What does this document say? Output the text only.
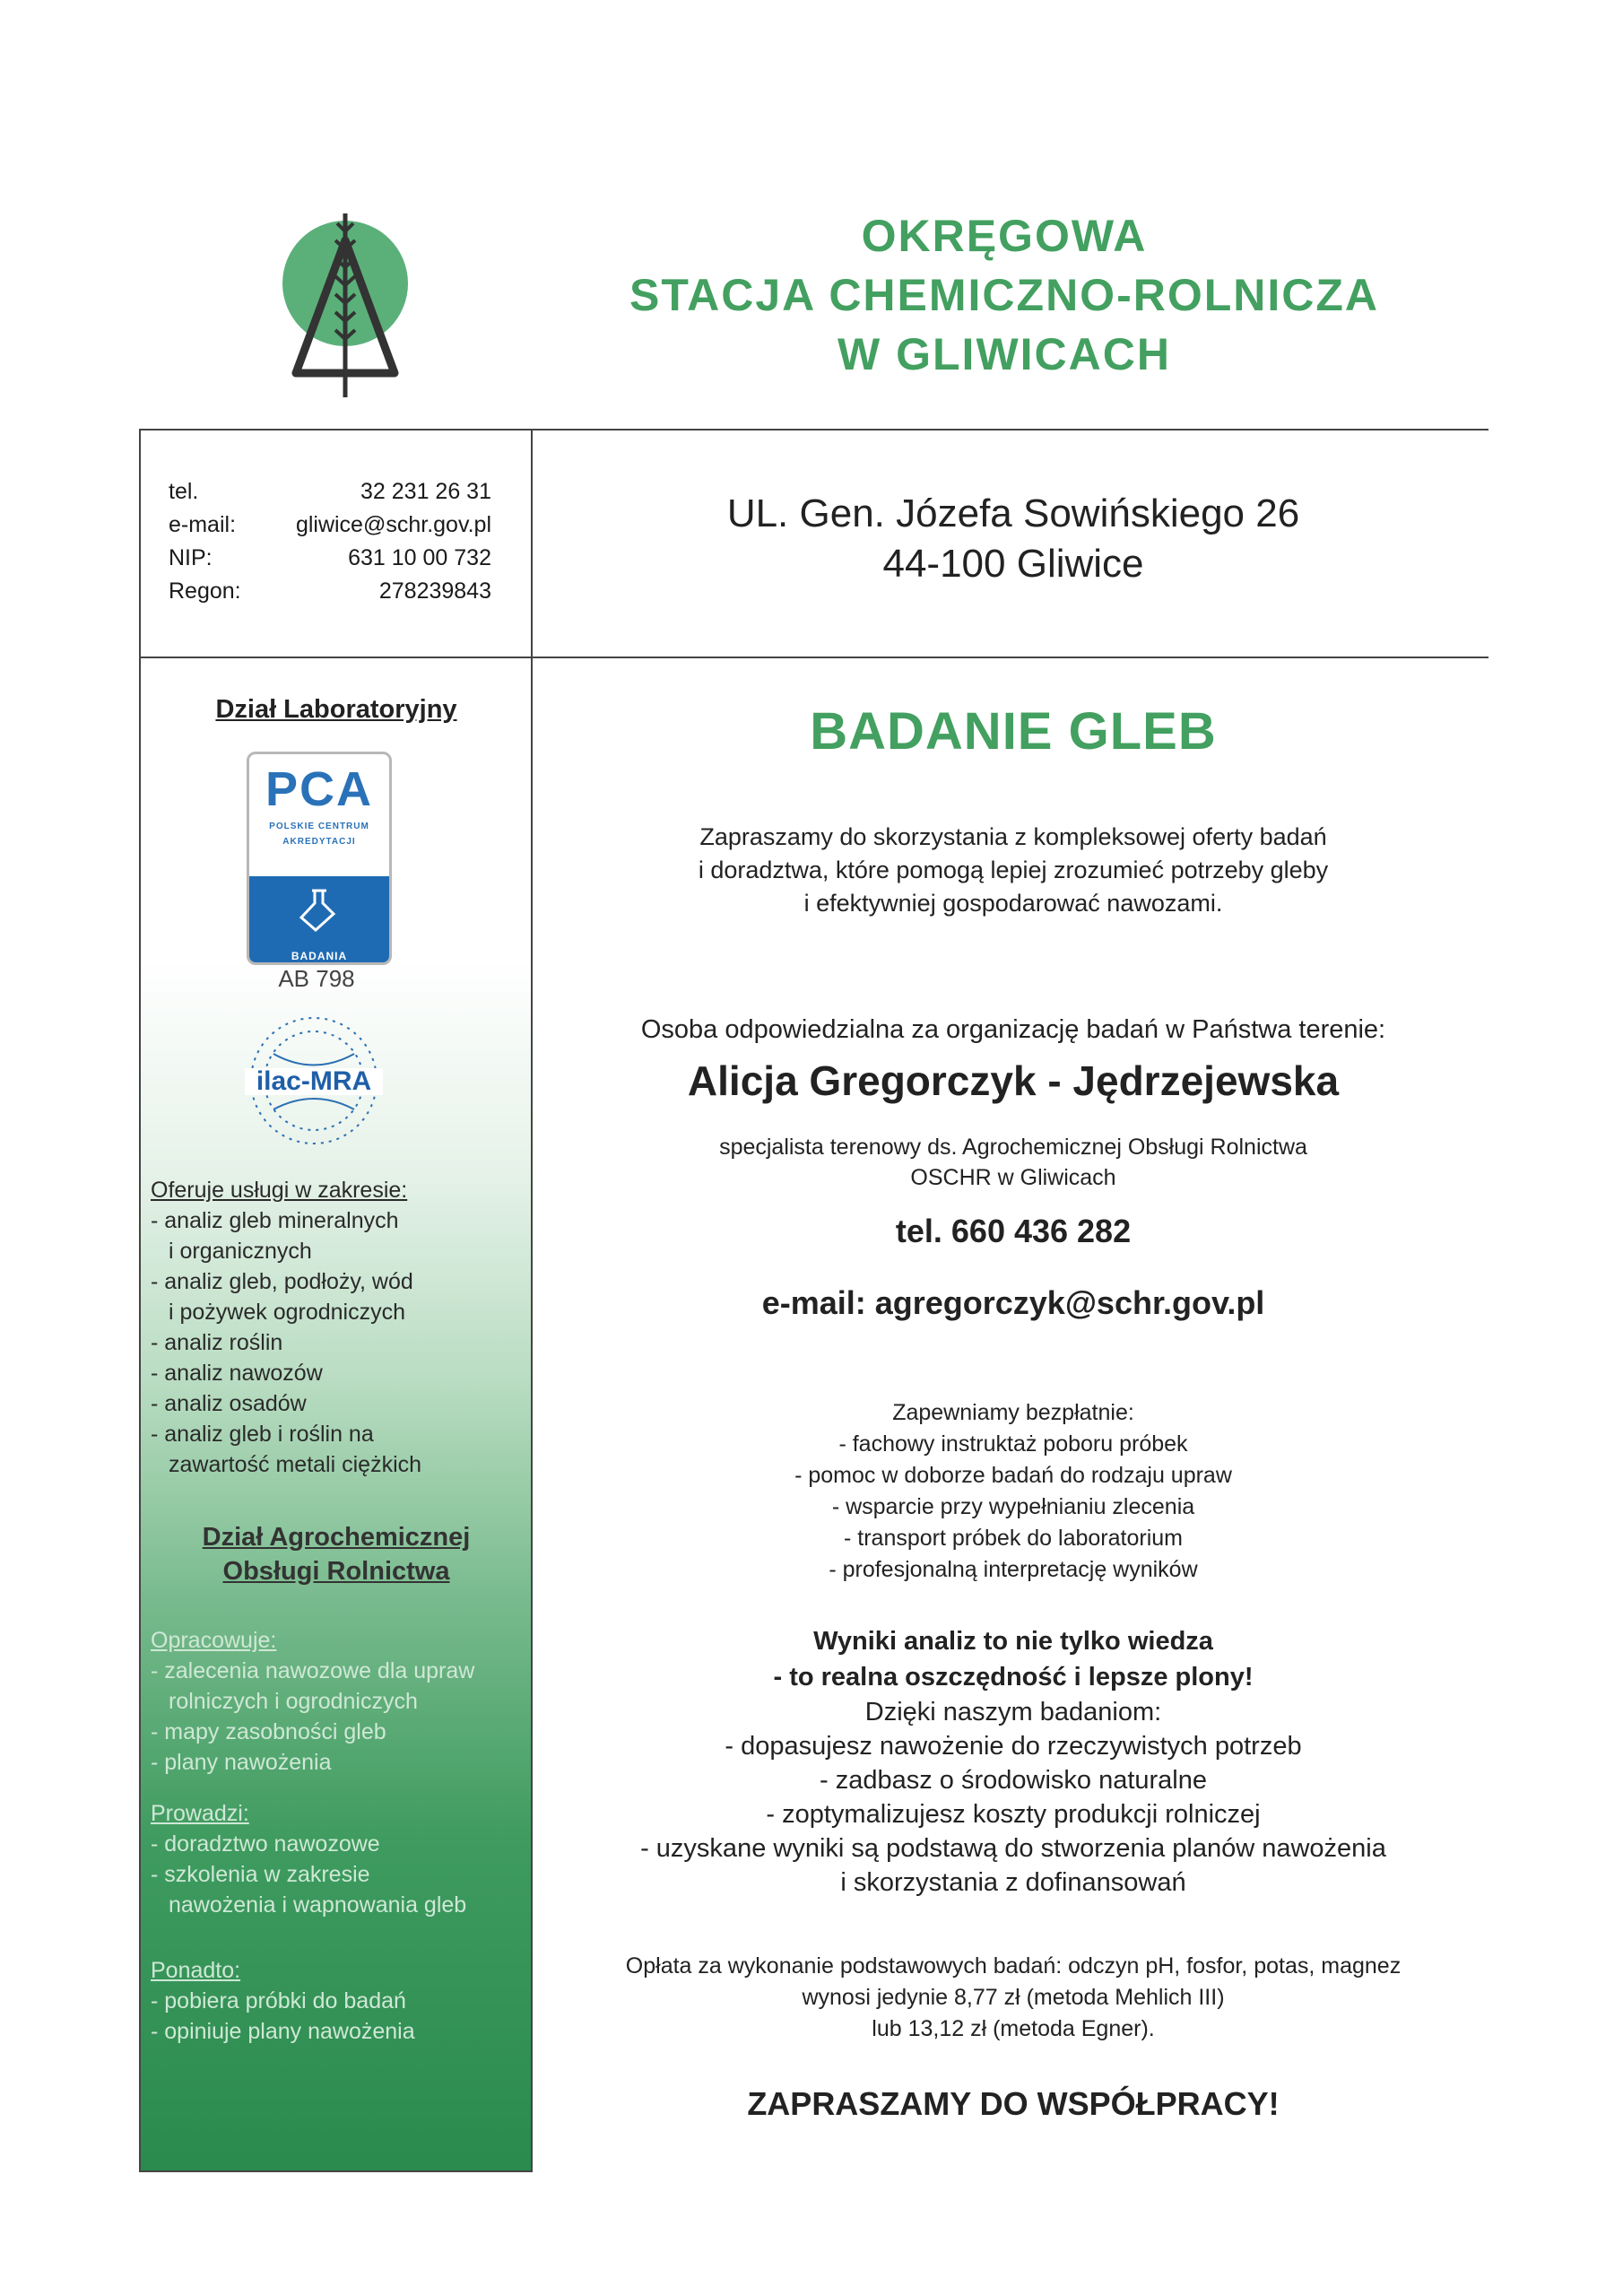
OKRĘGOWA
STACJA CHEMICZNO-ROLNICZA
W GLIWICACH
tel.	32 231 26 31
e-mail:	gliwice@schr.gov.pl
NIP:	631 10 00 732
Regon:	278239843
UL. Gen. Józefa Sowińskiego 26
44-100 Gliwice
Dział Laboratoryjny
PCA
POLSKIE CENTRUM
AKREDYTACJI
BADANIA
AB 798
ilac-MRA
Oferuje usługi w zakresie:
- analiz gleb mineralnych
i organicznych
- analiz gleb, podłoży, wód
i pożywek ogrodniczych
- analiz roślin
- analiz nawozów
- analiz osadów
- analiz gleb i roślin na
zawartość metali ciężkich
Dział Agrochemicznej
Obsługi Rolnictwa
Opracowuje:
- zalecenia nawozowe dla upraw
rolniczych i ogrodniczych
- mapy zasobności gleb
- plany nawożenia
Prowadzi:
- doradztwo nawozowe
- szkolenia w zakresie
nawożenia i wapnowania gleb
Ponadto:
- pobiera próbki do badań
- opiniuje plany nawożenia
BADANIE GLEB
Zapraszamy do skorzystania z kompleksowej oferty badań
i doradztwa, które pomogą lepiej zrozumieć potrzeby gleby
i efektywniej gospodarować nawozami.
Osoba odpowiedzialna za organizację badań w Państwa terenie:
Alicja Gregorczyk - Jędrzejewska
specjalista terenowy ds. Agrochemicznej Obsługi Rolnictwa
OSCHR w Gliwicach
tel. 660 436 282
e-mail: agregorczyk@schr.gov.pl
Zapewniamy bezpłatnie:
- fachowy instruktaż poboru próbek
- pomoc w doborze badań do rodzaju upraw
- wsparcie przy wypełnianiu zlecenia
- transport próbek do laboratorium
- profesjonalną interpretację wyników
Wyniki analiz to nie tylko wiedza
- to realna oszczędność i lepsze plony!
Dzięki naszym badaniom:
- dopasujesz nawożenie do rzeczywistych potrzeb
- zadbasz o środowisko naturalne
- zoptymalizujesz koszty produkcji rolniczej
- uzyskane wyniki są podstawą do stworzenia planów nawożenia
i skorzystania z dofinansowań
Opłata za wykonanie podstawowych badań: odczyn pH, fosfor, potas, magnez
wynosi jedynie 8,77 zł (metoda Mehlich III)
lub 13,12 zł (metoda Egner).
ZAPRASZAMY DO WSPÓŁPRACY!
